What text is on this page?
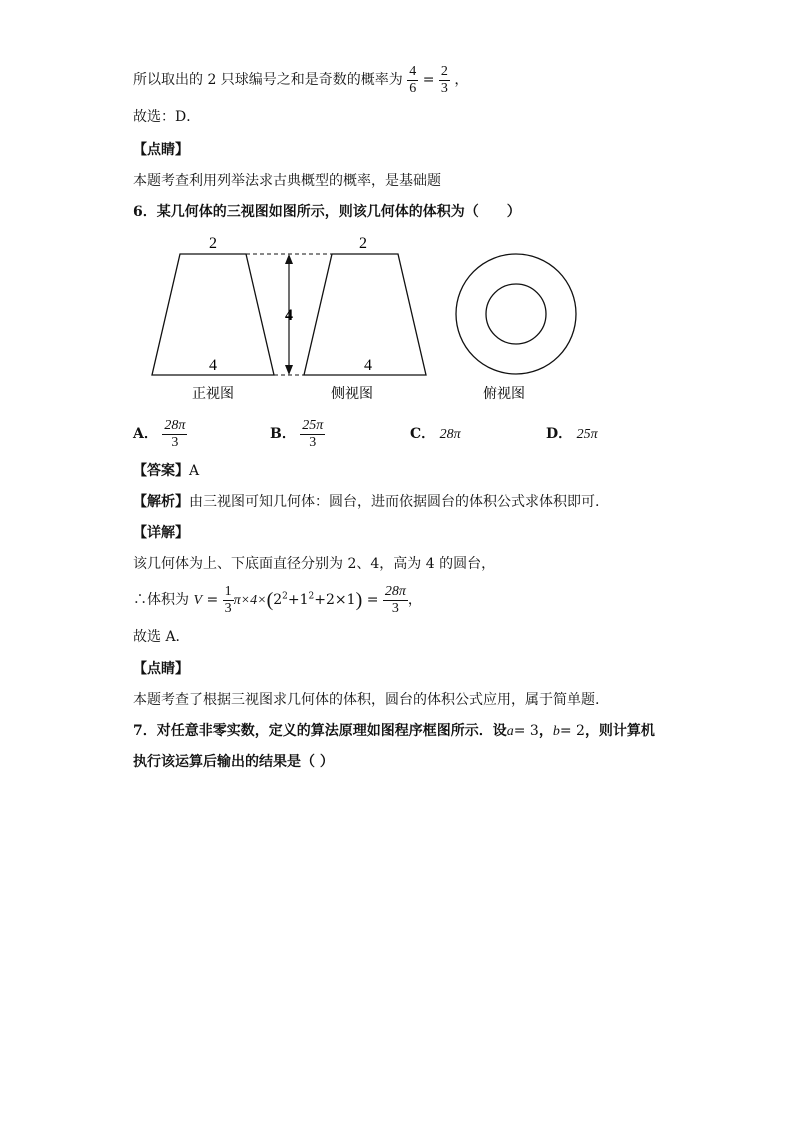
所以取出的 2 只球编号之和是奇数的概率为 $\frac{4}{6} = \frac{2}{3}$ ，
故选：D．
【点睛】
本题考查利用列举法求古典概型的概率，是基础题
6．某几何体的三视图如图所示，则该几何体的体积为（　　）
2
4
4
2
4
正视图	侧视图	俯视图
A． $\frac{28\pi}{3}$	B． $\frac{25\pi}{3}$	C． 28π	D． 25π
【答案】A
【解析】由三视图可知几何体：圆台，进而依据圆台的体积公式求体积即可.
【详解】
该几何体为上、下底面直径分别为 2、4，高为 4 的圆台，
∴体积为 $V = \frac{1}{3} \pi\times 4\times(2^2+1^2+2\times 1) = \frac{28\pi}{3}$ ，
故选 A．
【点睛】
本题考查了根据三视图求几何体的体积，圆台的体积公式应用，属于简单题.
7．对任意非零实数，定义的算法原理如图程序框图所示．设a= 3，b= 2，则计算机
执行该运算后输出的结果是（ ）
